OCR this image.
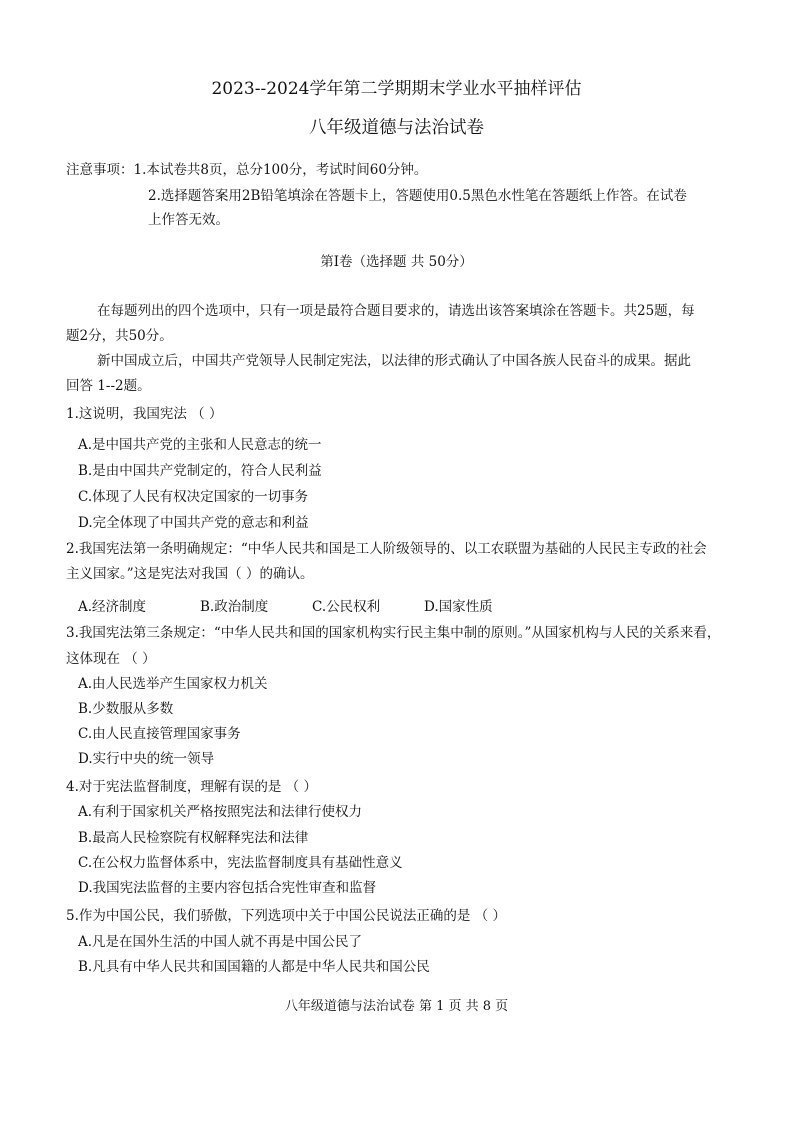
2023--2024学年第二学期期末学业水平抽样评估
八年级道德与法治试卷
注意事项：1.本试卷共8页，总分100分，考试时间60分钟。
2.选择题答案用2B铅笔填涂在答题卡上，答题使用0.5黑色水性笔在答题纸上作答。在试卷
上作答无效。
第Ⅰ卷（选择题 共 50分）
在每题列出的四个选项中，只有一项是最符合题目要求的，请选出该答案填涂在答题卡。共25题，每
题2分，共50分。
新中国成立后，中国共产党领导人民制定宪法，以法律的形式确认了中国各族人民奋斗的成果。据此
回答 1--2题。
1.这说明，我国宪法 （ ）
A.是中国共产党的主张和人民意志的统一
B.是由中国共产党制定的，符合人民利益
C.体现了人民有权决定国家的一切事务
D.完全体现了中国共产党的意志和利益
2.我国宪法第一条明确规定：“中华人民共和国是工人阶级领导的、以工农联盟为基础的人民民主专政的社会
主义国家。”这是宪法对我国（ ）的确认。
A.经济制度	B.政治制度	C.公民权利	D.国家性质
3.我国宪法第三条规定：“中华人民共和国的国家机构实行民主集中制的原则。”从国家机构与人民的关系来看，
这体现在 （ ）
A.由人民选举产生国家权力机关
B.少数服从多数
C.由人民直接管理国家事务
D.实行中央的统一领导
4.对于宪法监督制度，理解有误的是 （ ）
A.有利于国家机关严格按照宪法和法律行使权力
B.最高人民检察院有权解释宪法和法律
C.在公权力监督体系中，宪法监督制度具有基础性意义
D.我国宪法监督的主要内容包括合宪性审查和监督
5.作为中国公民，我们骄傲，下列选项中关于中国公民说法正确的是 （ ）
A.凡是在国外生活的中国人就不再是中国公民了
B.凡具有中华人民共和国国籍的人都是中华人民共和国公民
八年级道德与法治试卷 第 1 页 共 8 页
